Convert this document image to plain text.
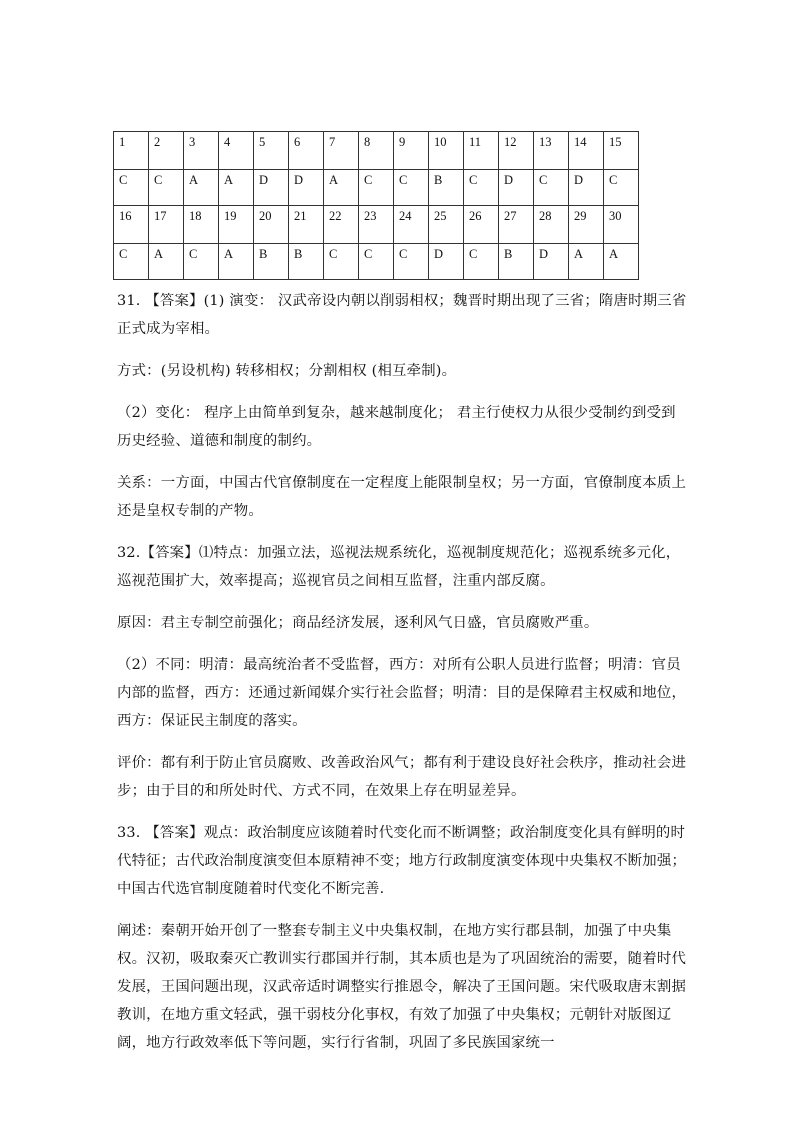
1	2	3	4	5	6	7	8	9	10	11	12	13	14	15
C	C	A	A	D	D	A	C	C	B	C	D	C	D	C
16	17	18	19	20	21	22	23	24	25	26	27	28	29	30
C	A	C	A	B	B	C	C	C	D	C	B	D	A	A

31. 【答案】(1) 演变： 汉武帝设内朝以削弱相权；魏晋时期出现了三省；隋唐时期三省正式成为宰相。

方式：(另设机构) 转移相权；分割相权 (相互牵制)。

（2）变化： 程序上由简单到复杂，越来越制度化； 君主行使权力从很少受制约到受到历史经验、道德和制度的制约。

关系：一方面，中国古代官僚制度在一定程度上能限制皇权；另一方面，官僚制度本质上还是皇权专制的产物。

32.【答案】⑴特点：加强立法，巡视法规系统化，巡视制度规范化；巡视系统多元化，巡视范围扩大，效率提高；巡视官员之间相互监督，注重内部反腐。

原因：君主专制空前强化；商品经济发展，逐利风气日盛，官员腐败严重。

（2）不同：明清：最高统治者不受监督，西方：对所有公职人员进行监督；明清：官员内部的监督，西方：还通过新闻媒介实行社会监督；明清：目的是保障君主权威和地位，西方：保证民主制度的落实。

评价：都有利于防止官员腐败、改善政治风气；都有利于建设良好社会秩序，推动社会进步；由于目的和所处时代、方式不同，在效果上存在明显差异。

33. 【答案】观点：政治制度应该随着时代变化而不断调整；政治制度变化具有鲜明的时代特征；古代政治制度演变但本原精神不变；地方行政制度演变体现中央集权不断加强；中国古代选官制度随着时代变化不断完善.

阐述：秦朝开始开创了一整套专制主义中央集权制，在地方实行郡县制，加强了中央集权。汉初，吸取秦灭亡教训实行郡国并行制，其本质也是为了巩固统治的需要，随着时代发展，王国问题出现，汉武帝适时调整实行推恩令，解决了王国问题。宋代吸取唐末割据教训，在地方重文轻武，强干弱枝分化事权，有效了加强了中央集权；元朝针对版图辽阔，地方行政效率低下等问题，实行行省制，巩固了多民族国家统一
